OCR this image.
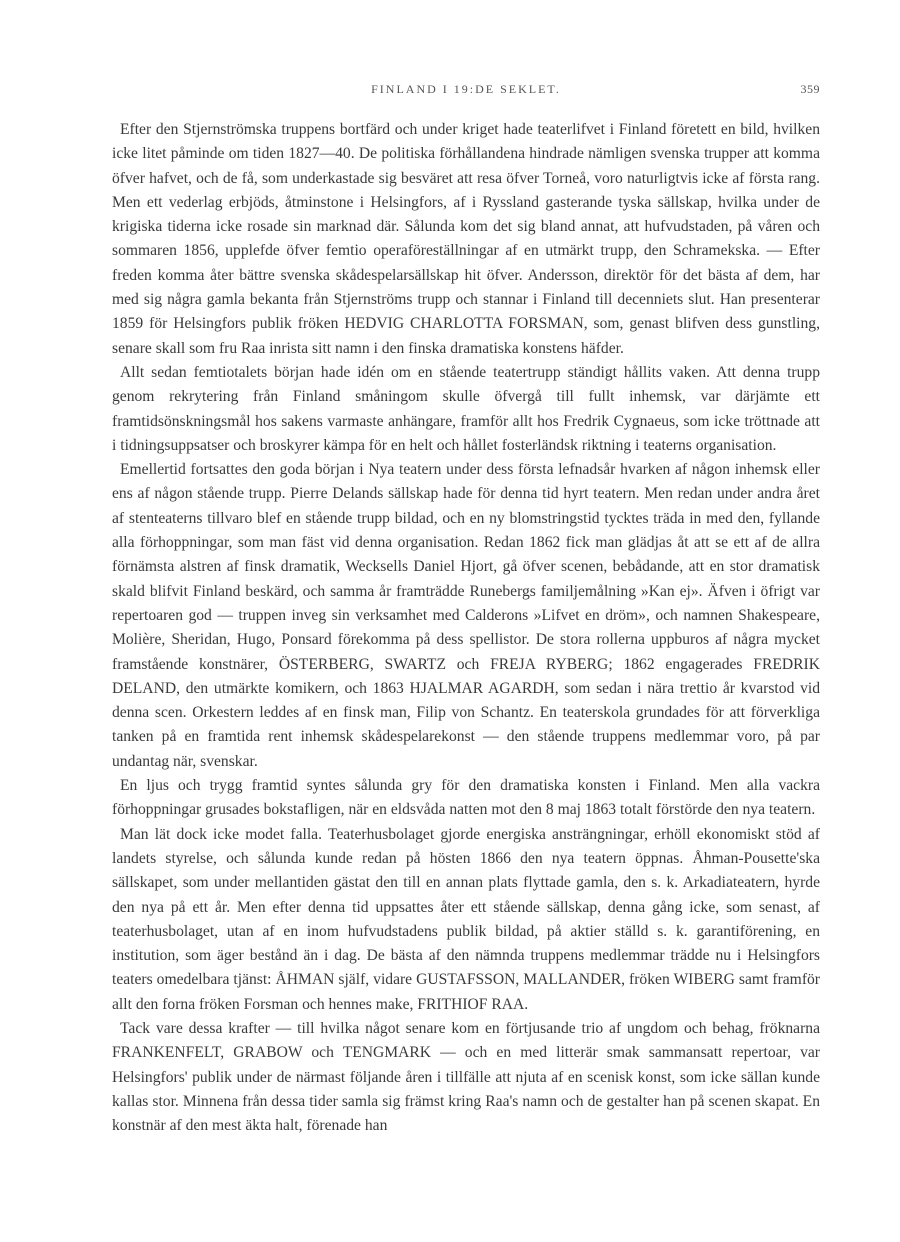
FINLAND I 19:DE SEKLET.	359

Efter den Stjernströmska truppens bortfärd och under kriget hade teaterlifvet i Finland företett en bild, hvilken icke litet påminde om tiden 1827—40. De politiska förhållandena hindrade nämligen svenska trupper att komma öfver hafvet, och de få, som underkastade sig besväret att resa öfver Torneå, voro naturligtvis icke af första rang. Men ett vederlag erbjöds, åtminstone i Helsingfors, af i Ryssland gasterande tyska sällskap, hvilka under de krigiska tiderna icke rosade sin marknad där. Sålunda kom det sig bland annat, att hufvudstaden, på våren och sommaren 1856, upplefde öfver femtio operaföreställningar af en utmärkt trupp, den Schramekska. — Efter freden komma åter bättre svenska skådespelarsällskap hit öfver. Andersson, direktör för det bästa af dem, har med sig några gamla bekanta från Stjernströms trupp och stannar i Finland till decenniets slut. Han presenterar 1859 för Helsingfors publik fröken HEDVIG CHARLOTTA FORSMAN, som, genast blifven dess gunstling, senare skall som fru Raa inrista sitt namn i den finska dramatiska konstens häfder.

Allt sedan femtiotalets början hade idén om en stående teatertrupp ständigt hållits vaken. Att denna trupp genom rekrytering från Finland småningom skulle öfvergå till fullt inhemsk, var därjämte ett framtidsönskningsmål hos sakens varmaste anhängare, framför allt hos Fredrik Cygnaeus, som icke tröttnade att i tidningsuppsatser och broskyrer kämpa för en helt och hållet fosterländsk riktning i teaterns organisation.

Emellertid fortsattes den goda början i Nya teatern under dess första lefnadsår hvarken af någon inhemsk eller ens af någon stående trupp. Pierre Delands sällskap hade för denna tid hyrt teatern. Men redan under andra året af stenteaterns tillvaro blef en stående trupp bildad, och en ny blomstringstid tycktes träda in med den, fyllande alla förhoppningar, som man fäst vid denna organisation. Redan 1862 fick man glädjas åt att se ett af de allra förnämsta alstren af finsk dramatik, Wecksells Daniel Hjort, gå öfver scenen, bebådande, att en stor dramatisk skald blifvit Finland beskärd, och samma år framträdde Runebergs familjemålning »Kan ej». Äfven i öfrigt var repertoaren god — truppen inveg sin verksamhet med Calderons »Lifvet en dröm», och namnen Shakespeare, Molière, Sheridan, Hugo, Ponsard förekomma på dess spellistor. De stora rollerna uppburos af några mycket framstående konstnärer, ÖSTERBERG, SWARTZ och FREJA RYBERG; 1862 engagerades FREDRIK DELAND, den utmärkte komikern, och 1863 HJALMAR AGARDH, som sedan i nära trettio år kvarstod vid denna scen. Orkestern leddes af en finsk man, Filip von Schantz. En teaterskola grundades för att förverkliga tanken på en framtida rent inhemsk skådespelarekonst — den stående truppens medlemmar voro, på par undantag när, svenskar.

En ljus och trygg framtid syntes sålunda gry för den dramatiska konsten i Finland. Men alla vackra förhoppningar grusades bokstafligen, när en eldsvåda natten mot den 8 maj 1863 totalt förstörde den nya teatern.

Man lät dock icke modet falla. Teaterhusbolaget gjorde energiska ansträngningar, erhöll ekonomiskt stöd af landets styrelse, och sålunda kunde redan på hösten 1866 den nya teatern öppnas. Åhman-Pousette'ska sällskapet, som under mellantiden gästat den till en annan plats flyttade gamla, den s. k. Arkadiateatern, hyrde den nya på ett år. Men efter denna tid uppsattes åter ett stående sällskap, denna gång icke, som senast, af teaterhusbolaget, utan af en inom hufvudstadens publik bildad, på aktier ställd s. k. garantiförening, en institution, som äger bestånd än i dag. De bästa af den nämnda truppens medlemmar trädde nu i Helsingfors teaters omedelbara tjänst: ÅHMAN själf, vidare GUSTAFSSON, MALLANDER, fröken WIBERG samt framför allt den forna fröken Forsman och hennes make, FRITHIOF RAA.

Tack vare dessa krafter — till hvilka något senare kom en förtjusande trio af ungdom och behag, fröknarna FRANKENFELT, GRABOW och TENGMARK — och en med litterär smak sammansatt repertoar, var Helsingfors' publik under de närmast följande åren i tillfälle att njuta af en scenisk konst, som icke sällan kunde kallas stor. Minnena från dessa tider samla sig främst kring Raa's namn och de gestalter han på scenen skapat. En konstnär af den mest äkta halt, förenade han
